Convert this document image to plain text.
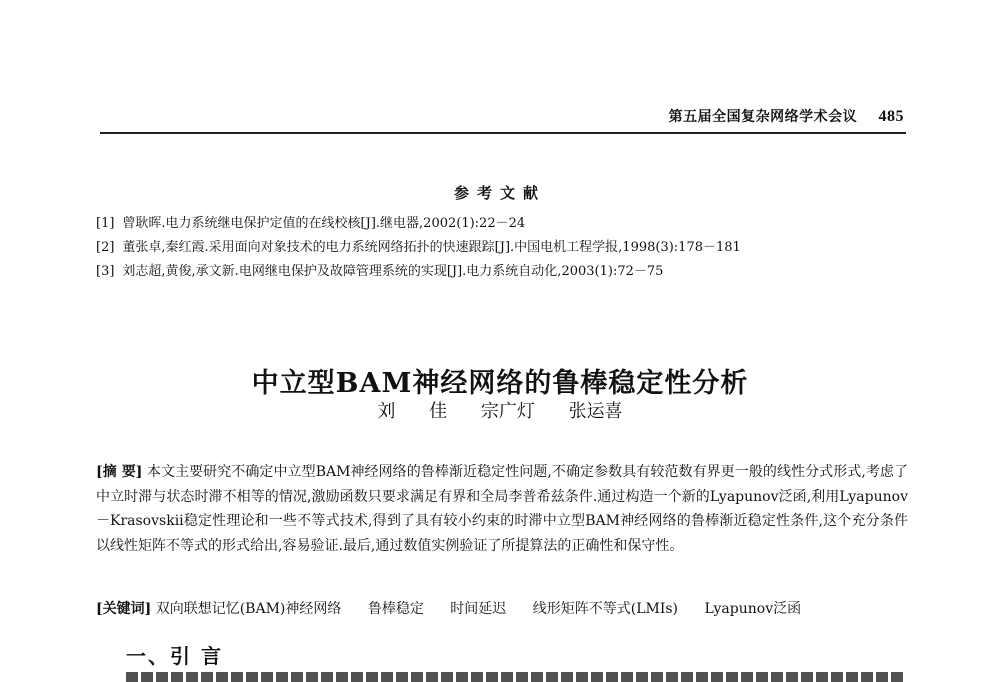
第五届全国复杂网络学术会议 485
参考文献
[1] 曾耿晖.电力系统继电保护定值的在线校核[J].继电器,2002(1):22－24
[2] 董张卓,秦红霞.采用面向对象技术的电力系统网络拓扑的快速跟踪[J].中国电机工程学报,1998(3):178－181
[3] 刘志超,黄俊,承文新.电网继电保护及故障管理系统的实现[J].电力系统自动化,2003(1):72－75
中立型BAM神经网络的鲁棒稳定性分析
刘 佳 宗广灯 张运喜

[摘 要] 本文主要研究不确定中立型BAM神经网络的鲁棒渐近稳定性问题,不确定参数具有较范数有界更一般的线性分式形式,考虑了中立时滞与状态时滞不相等的情况,激励函数只要求满足有界和全局李普希兹条件.通过构造一个新的Lyapunov泛函,利用Lyapunov－Krasovskii稳定性理论和一些不等式技术,得到了具有较小约束的时滞中立型BAM神经网络的鲁棒渐近稳定性条件,这个充分条件以线性矩阵不等式的形式给出,容易验证.最后,通过数值实例验证了所提算法的正确性和保守性。

[关键词] 双向联想记忆(BAM)神经网络 鲁棒稳定 时间延迟 线形矩阵不等式(LMIs) Lyapunov泛函

一、引 言
